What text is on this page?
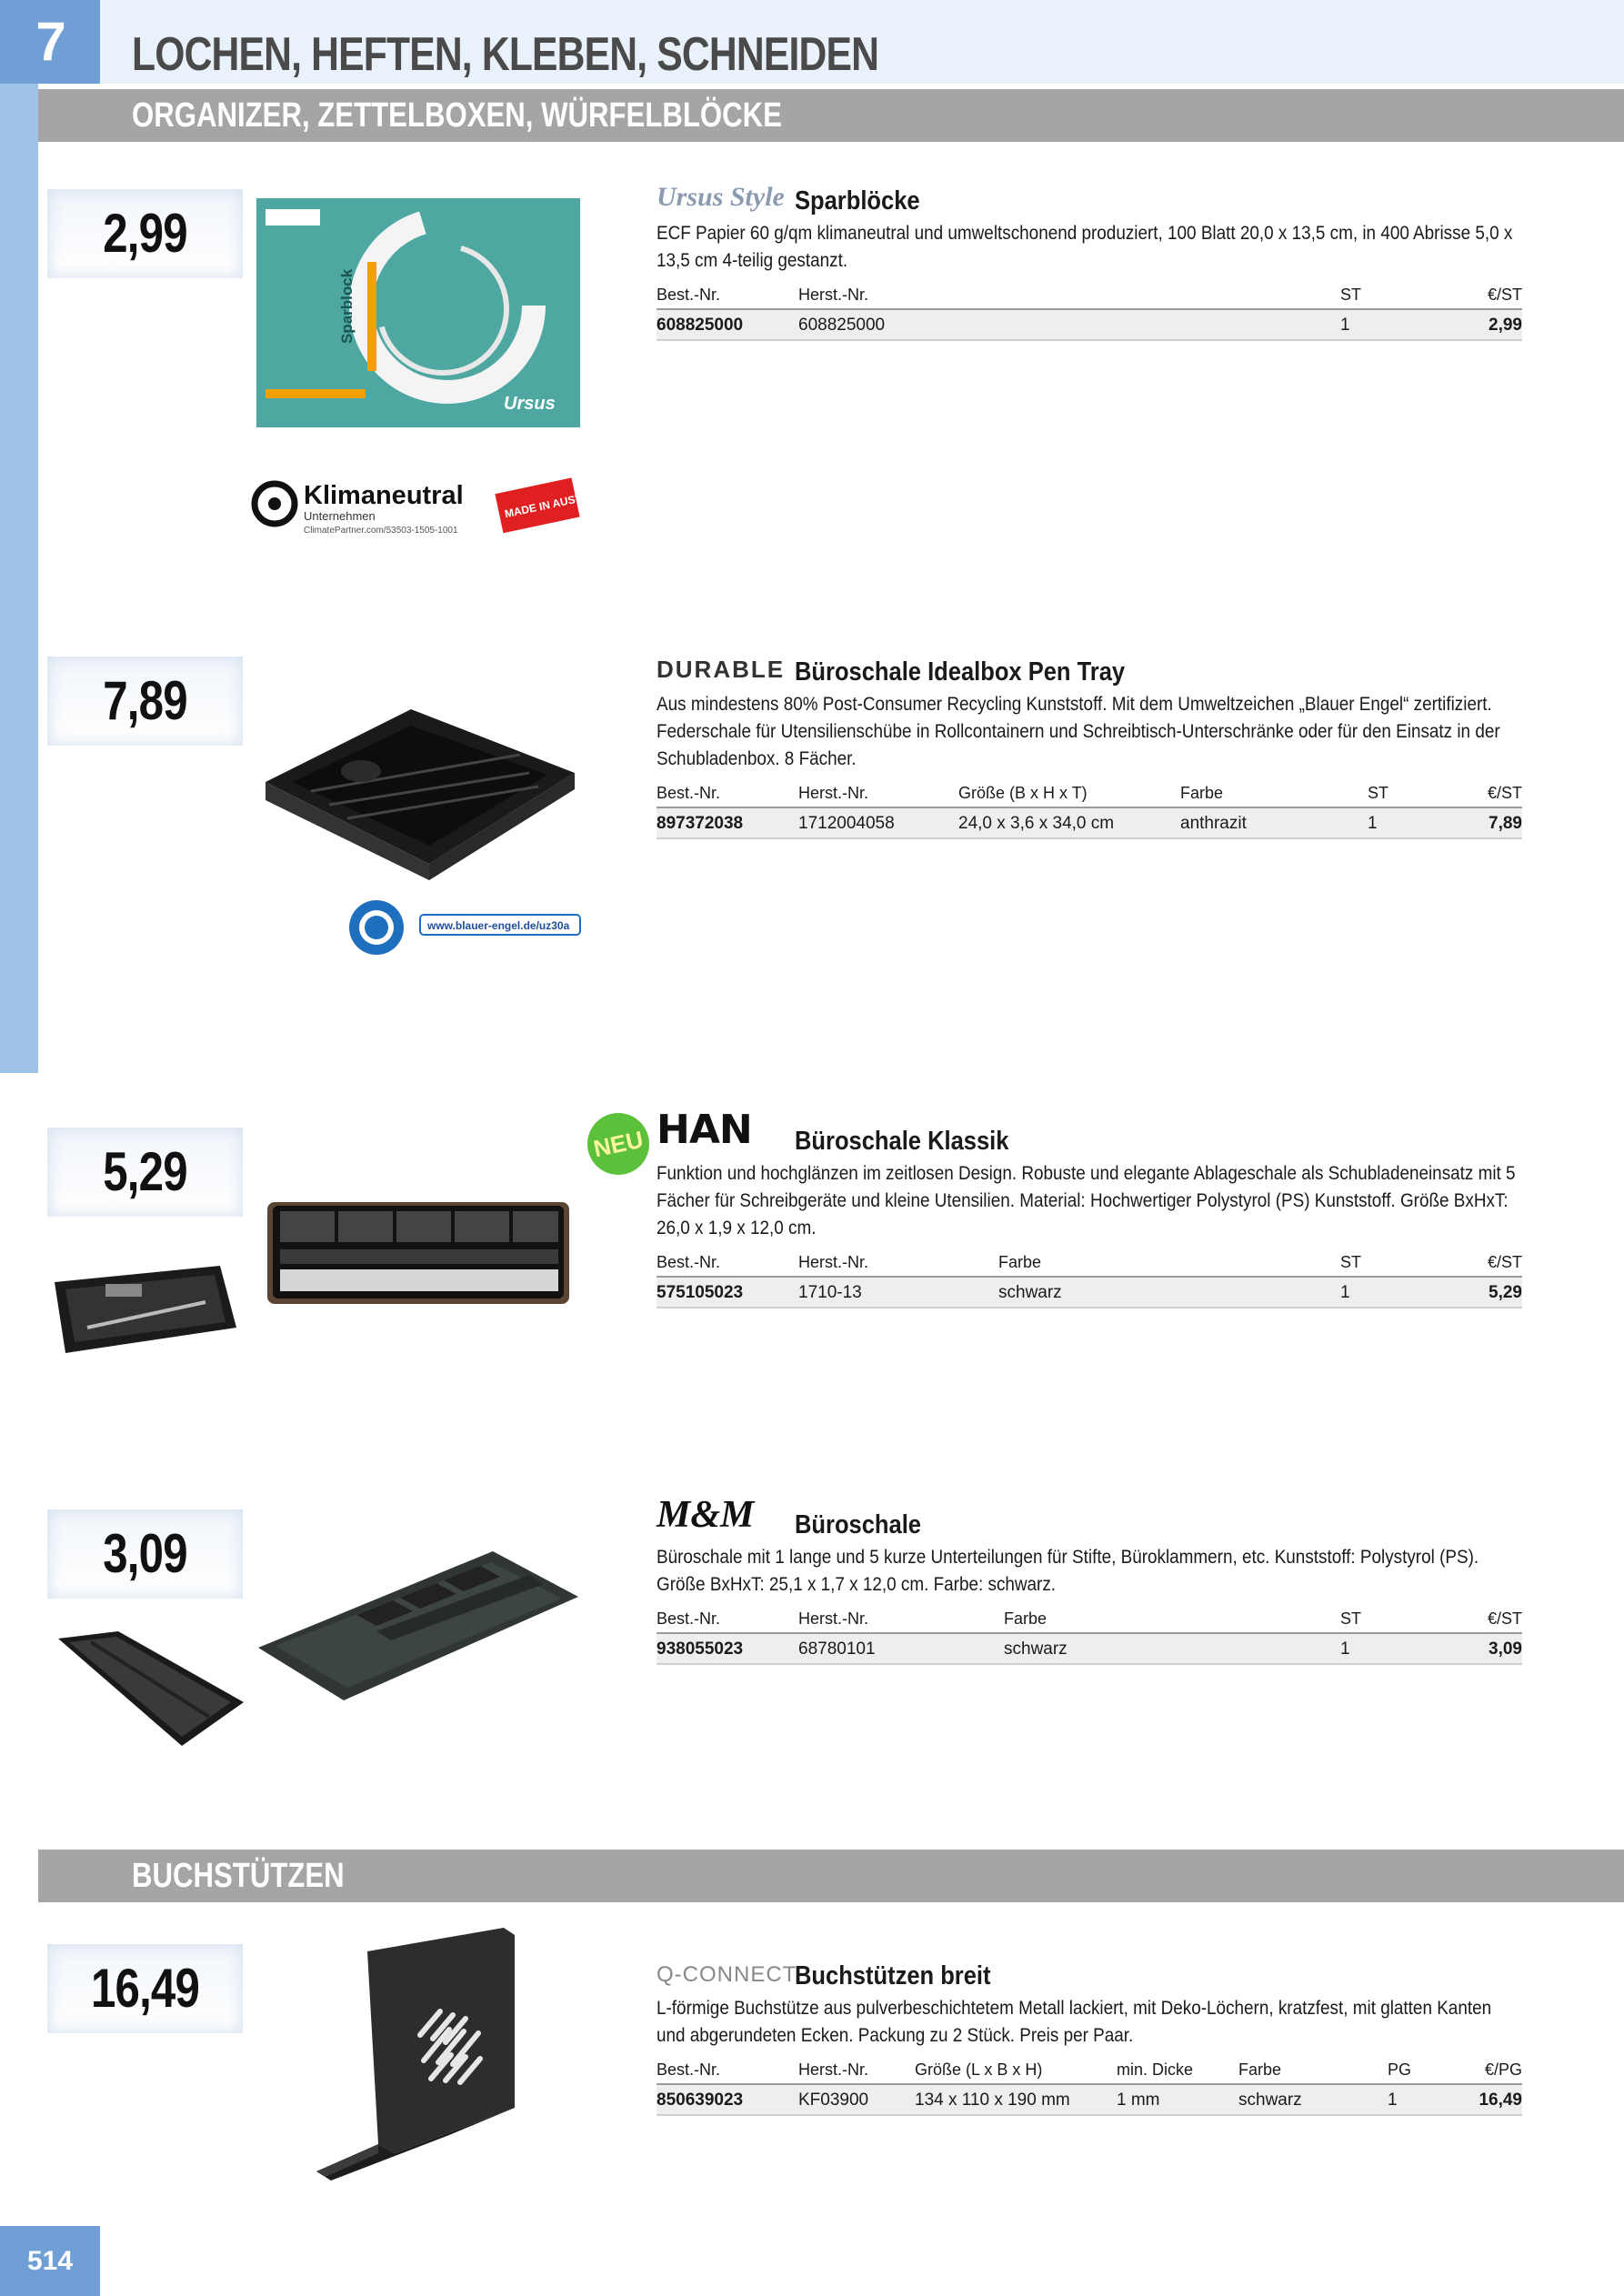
7	LOCHEN, HEFTEN, KLEBEN, SCHNEIDEN
ORGANIZER, ZETTELBOXEN, WÜRFELBLÖCKE
2,99
Sparblock
Ursus
Klimaneutral
Unternehmen
ClimatePartner.com/53503-1505-1001
MADE IN AUSTRIA
Ursus Style Sparblöcke
ECF Papier 60 g/qm klimaneutral und umweltschonend produziert, 100 Blatt 20,0 x 13,5 cm, in 400 Abrisse 5,0 x 13,5 cm 4-teilig gestanzt.
Best.-Nr.	Herst.-Nr.	ST	€/ST
608825000	608825000	1	2,99
7,89
www.blauer-engel.de/uz30a
DURABLE Büroschale Idealbox Pen Tray
Aus mindestens 80% Post-Consumer Recycling Kunststoff. Mit dem Umweltzeichen „Blauer Engel“ zertifiziert. Federschale für Utensilienschübe in Rollcontainern und Schreibtisch-Unterschränke oder für den Einsatz in der Schubladenbox. 8 Fächer.
Best.-Nr.	Herst.-Nr.	Größe (B x H x T)	Farbe	ST	€/ST
897372038	1712004058	24,0 x 3,6 x 34,0 cm	anthrazit	1	7,89
5,29	NEU HAN Büroschale Klassik
Funktion und hochglänzen im zeitlosen Design. Robuste und elegante Ablageschale als Schubladeneinsatz mit 5 Fächer für Schreibgeräte und kleine Utensilien. Material: Hochwertiger Polystyrol (PS) Kunststoff. Größe BxHxT: 26,0 x 1,9 x 12,0 cm.
Best.-Nr.	Herst.-Nr.	Farbe	ST	€/ST
575105023	1710-13	schwarz	1	5,29
3,09
M&M Büroschale
Büroschale mit 1 lange und 5 kurze Unterteilungen für Stifte, Büroklammern, etc. Kunststoff: Polystyrol (PS). Größe BxHxT: 25,1 x 1,7 x 12,0 cm. Farbe: schwarz.
Best.-Nr.	Herst.-Nr.	Farbe	ST	€/ST
938055023	68780101	schwarz	1	3,09
BUCHSTÜTZEN
16,49	Q-CONNECT
Buchstützen breit
L-förmige Buchstütze aus pulverbeschichtetem Metall lackiert, mit Deko-Löchern, kratzfest, mit glatten Kanten und abgerundeten Ecken. Packung zu 2 Stück. Preis per Paar.
Best.-Nr.	Herst.-Nr.	Größe (L x B x H)	min. Dicke	Farbe	PG	€/PG
850639023	KF03900	134 x 110 x 190 mm	1 mm	schwarz	1	16,49
514
